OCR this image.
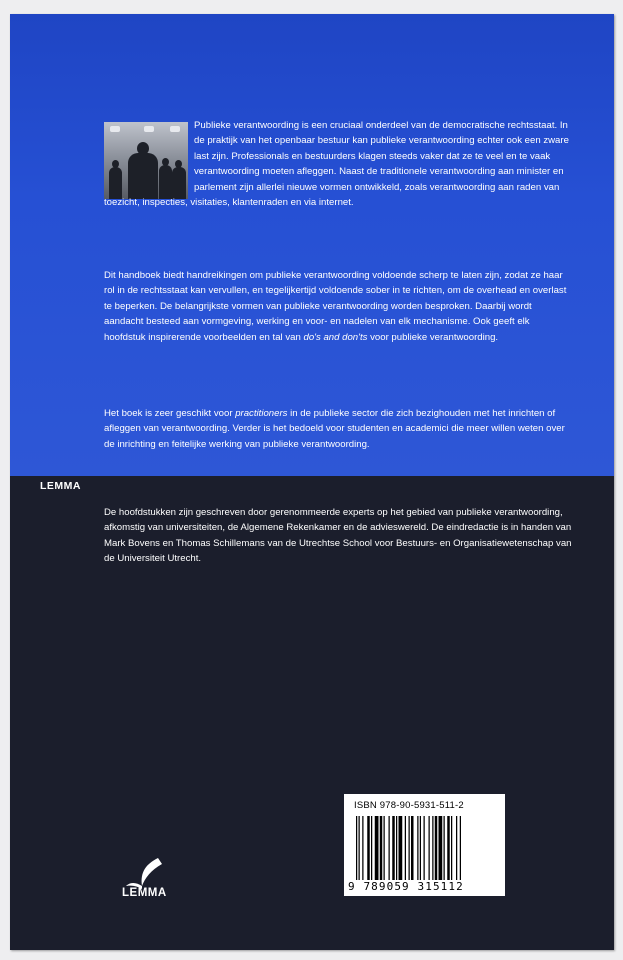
Publieke verantwoording is een cruciaal onderdeel van de democratische rechtsstaat. In de praktijk van het openbaar bestuur kan publieke verantwoording echter ook een zware last zijn. Professionals en bestuurders klagen steeds vaker dat ze te veel en te vaak verantwoording moeten afleggen. Naast de traditionele verantwoording aan minister en parlement zijn allerlei nieuwe vormen ontwikkeld, zoals verantwoording aan raden van toezicht, inspecties, visitaties, klantenraden en via internet.
Dit handboek biedt handreikingen om publieke verantwoording voldoende scherp te laten zijn, zodat ze haar rol in de rechtsstaat kan vervullen, en tegelijkertijd voldoende sober in te richten, om de overhead en overlast te beperken. De belangrijkste vormen van publieke verantwoording worden besproken. Daarbij wordt aandacht besteed aan vormgeving, werking en voor- en nadelen van elk mechanisme. Ook geeft elk hoofdstuk inspirerende voorbeelden en tal van do's and don'ts voor publieke verantwoording.
Het boek is zeer geschikt voor practitioners in de publieke sector die zich bezighouden met het inrichten of afleggen van verantwoording. Verder is het bedoeld voor studenten en academici die meer willen weten over de inrichting en feitelijke werking van publieke verantwoording.
LEMMA
De hoofdstukken zijn geschreven door gerenommeerde experts op het gebied van publieke verantwoording, afkomstig van universiteiten, de Algemene Rekenkamer en de advieswereld. De eindredactie is in handen van Mark Bovens en Thomas Schillemans van de Utrechtse School voor Bestuurs- en Organisatiewetenschap van de Universiteit Utrecht.
ISBN 978-90-5931-511-2
9 789059 315112
LEMMA
